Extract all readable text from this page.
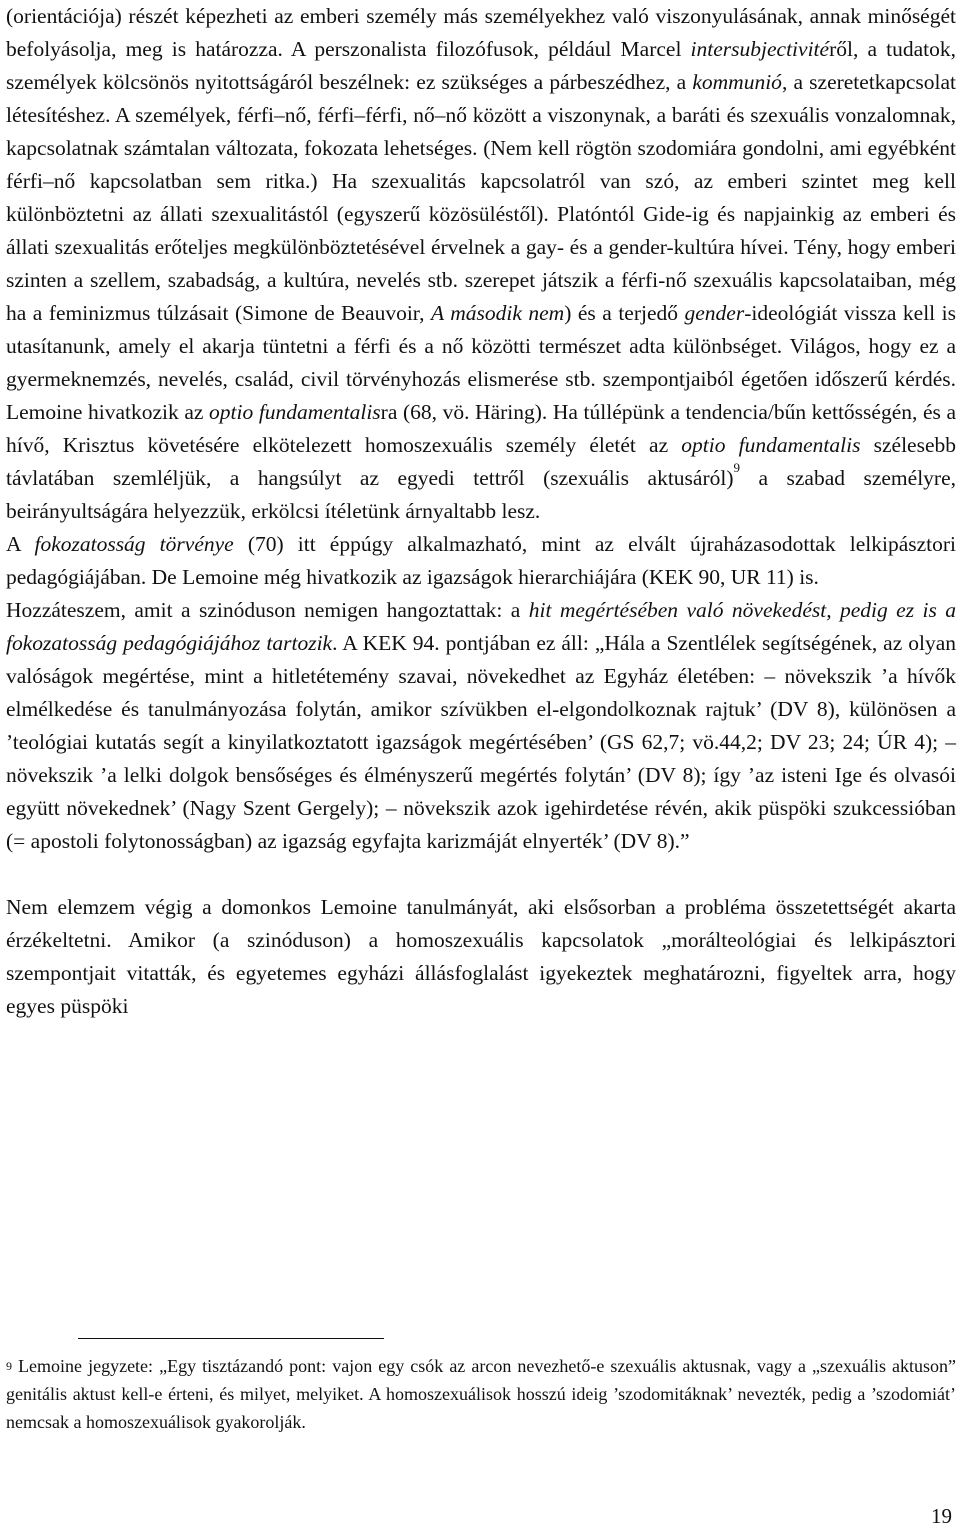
(orientációja) részét képezheti az emberi személy más személyekhez való viszonyulásának, annak minőségét befolyásolja, meg is határozza. A perszonalista filozófusok, például Marcel intersubjectivitéről, a tudatok, személyek kölcsönös nyitottságáról beszélnek: ez szükséges a párbeszédhez, a kommunió, a szeretetkapcsolat létesítéshez. A személyek, férfi–nő, férfi–férfi, nő–nő között a viszonynak, a baráti és szexuális vonzalomnak, kapcsolatnak számtalan változata, fokozata lehetséges. (Nem kell rögtön szodomiára gondolni, ami egyébként férfi–nő kapcsolatban sem ritka.) Ha szexualitás kapcsolatról van szó, az emberi szintet meg kell különböztetni az állati szexualitástól (egyszerű közösüléstől). Platóntól Gide-ig és napjainkig az emberi és állati szexualitás erőteljes megkülönböztetésével érvelnek a gay- és a gender-kultúra hívei. Tény, hogy emberi szinten a szellem, szabadság, a kultúra, nevelés stb. szerepet játszik a férfi-nő szexuális kapcsolataiban, még ha a feminizmus túlzásait (Simone de Beauvoir, A második nem) és a terjedő gender-ideológiát vissza kell is utasítanunk, amely el akarja tüntetni a férfi és a nő közötti természet adta különbséget. Világos, hogy ez a gyermeknemzés, nevelés, család, civil törvényhozás elismerése stb. szempontjaiból égetően időszerű kérdés. Lemoine hivatkozik az optio fundamentalisra (68, vö. Häring). Ha túllépünk a tendencia/bűn kettősségén, és a hívő, Krisztus követésére elkötelezett homoszexuális személy életét az optio fundamentalis szélesebb távlatában szemléljük, a hangsúlyt az egyedi tettről (szexuális aktusáról)$^9$ a szabad személyre, beirányultságára helyezzük, erkölcsi ítéletünk árnyaltabb lesz.

A fokozatosság törvénye (70) itt éppúgy alkalmazható, mint az elvált újraházasodottak lelkipásztori pedagógiájában. De Lemoine még hivatkozik az igazságok hierarchiájára (KEK 90, UR 11) is.

Hozzáteszem, amit a szinóduson nemigen hangoztattak: a hit megértésében való növekedést, pedig ez is a fokozatosság pedagógiájához tartozik. A KEK 94. pontjában ez áll: „Hála a Szentlélek segítségének, az olyan valóságok megértése, mint a hitletétemény szavai, növekedhet az Egyház életében: – növekszik ’a hívők elmélkedése és tanulmányozása folytán, amikor szívükben el-elgondolkoznak rajtuk’ (DV 8), különösen a ’teológiai kutatás segít a kinyilatkoztatott igazságok megértésében’ (GS 62,7; vö.44,2; DV 23; 24; ÚR 4); – növekszik ’a lelki dolgok bensőséges és élményszerű megértés folytán’ (DV 8); így ’az isteni Ige és olvasói együtt növekednek’ (Nagy Szent Gergely); – növekszik azok igehirdetése révén, akik püspöki szukcessióban (= apostoli folytonosságban) az igazság egyfajta karizmáját elnyerték’ (DV 8).”

Nem elemzem végig a domonkos Lemoine tanulmányát, aki elsősorban a probléma összetettségét akarta érzékeltetni. Amikor (a szinóduson) a homoszexuális kapcsolatok „morálteológiai és lelkipásztori szempontjait vitatták, és egyetemes egyházi állásfoglalást igyekeztek meghatározni, figyeltek arra, hogy egyes püspöki

$^9$ Lemoine jegyzete: „Egy tisztázandó pont: vajon egy csók az arcon nevezhető-e szexuális aktusnak, vagy a „szexuális aktuson” genitális aktust kell-e érteni, és milyet, melyiket. A homoszexuálisok hosszú ideig ’szodomitáknak’ nevezték, pedig a ’szodomiát’ nemcsak a homoszexuálisok gyakorolják.
19
